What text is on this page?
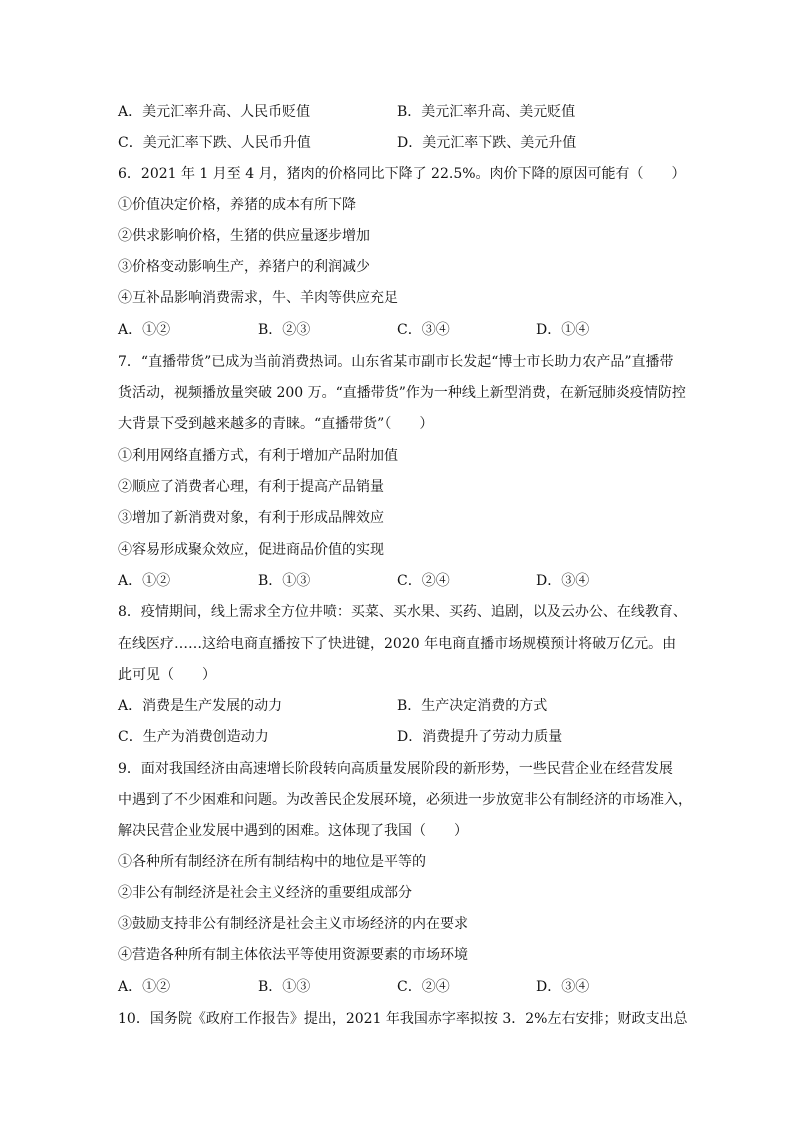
A．美元汇率升高、人民币贬值	B．美元汇率升高、美元贬值
C．美元汇率下跌、人民币升值	D．美元汇率下跌、美元升值
6．2021 年 1 月至 4 月，猪肉的价格同比下降了 22.5%。肉价下降的原因可能有（　　）
①价值决定价格，养猪的成本有所下降
②供求影响价格，生猪的供应量逐步增加
③价格变动影响生产，养猪户的利润减少
④互补品影响消费需求，牛、羊肉等供应充足
A．①②	B．②③	C．③④	D．①④
7．“直播带货”已成为当前消费热词。山东省某市副市长发起“博士市长助力农产品”直播带
货活动，视频播放量突破 200 万。“直播带货”作为一种线上新型消费，在新冠肺炎疫情防控
大背景下受到越来越多的青睐。“直播带货”（　　）
①利用网络直播方式，有利于增加产品附加值
②顺应了消费者心理，有利于提高产品销量
③增加了新消费对象，有利于形成品牌效应
④容易形成聚众效应，促进商品价值的实现
A．①②	B．①③	C．②④	D．③④
8．疫情期间，线上需求全方位井喷：买菜、买水果、买药、追剧，以及云办公、在线教育、
在线医疗……这给电商直播按下了快进键，2020 年电商直播市场规模预计将破万亿元。由
此可见（　　）
A．消费是生产发展的动力	B．生产决定消费的方式
C．生产为消费创造动力	D．消费提升了劳动力质量
9．面对我国经济由高速增长阶段转向高质量发展阶段的新形势，一些民营企业在经营发展
中遇到了不少困难和问题。为改善民企发展环境，必须进一步放宽非公有制经济的市场准入，
解决民营企业发展中遇到的困难。这体现了我国（　　）
①各种所有制经济在所有制结构中的地位是平等的
②非公有制经济是社会主义经济的重要组成部分
③鼓励支持非公有制经济是社会主义市场经济的内在要求
④营造各种所有制主体依法平等使用资源要素的市场环境
A．①②	B．①③	C．②④	D．③④
10．国务院《政府工作报告》提出，2021 年我国赤字率拟按 3．2%左右安排；财政支出总
